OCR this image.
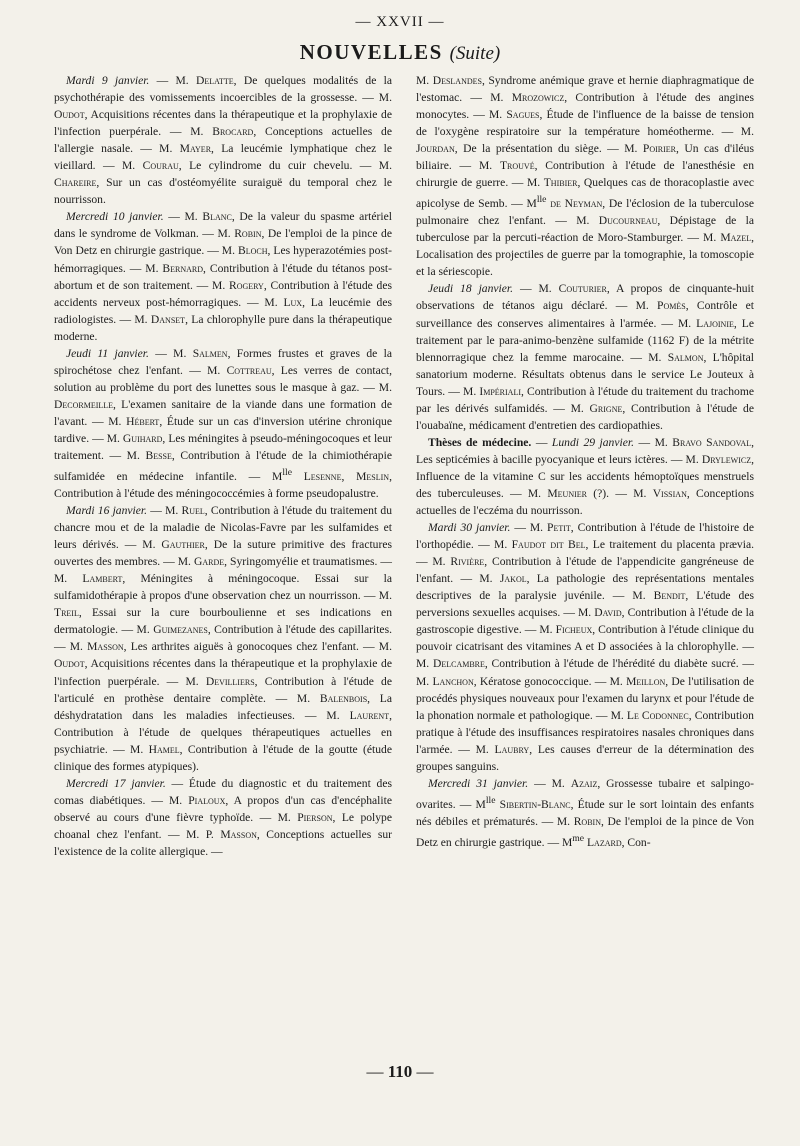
— XXVII —
NOUVELLES (Suite)

Mardi 9 janvier. — M. Delatte, De quelques modalités de la psychothérapie des vomissements incoercibles de la grossesse. — M. Oudot, Acquisitions récentes dans la thérapeutique et la prophylaxie de l'infection puerpérale. — M. Brocard, Conceptions actuelles de l'allergie nasale. — M. Mayer, La leucémie lymphatique chez le vieillard. — M. Courau, Le cylindrome du cuir chevelu. — M. Chareire, Sur un cas d'ostéomyélite suraiguë du temporal chez le nourrisson.

Mercredi 10 janvier. — M. Blanc, De la valeur du spasme artériel dans le syndrome de Volkman. — M. Robin, De l'emploi de la pince de Von Detz en chirurgie gastrique. — M. Bloch, Les hyperazotémies post-hémorragiques. — M. Bernard, Contribution à l'étude du tétanos post-abortum et de son traitement. — M. Rogery, Contribution à l'étude des accidents nerveux post-hémorragiques. — M. Lux, La leucémie des radiologistes. — M. Danset, La chlorophylle pure dans la thérapeutique moderne.

Jeudi 11 janvier. — M. Salmen, Formes frustes et graves de la spirochétose chez l'enfant. — M. Cottreau, Les verres de contact, solution au problème du port des lunettes sous le masque à gaz. — M. Decormeille, L'examen sanitaire de la viande dans une formation de l'avant. — M. Hébert, Étude sur un cas d'inversion utérine chronique tardive. — M. Guihard, Les méningites à pseudo-méningocoques et leur traitement. — M. Besse, Contribution à l'étude de la chimiothérapie sulfamidée en médecine infantile. — $M^{lle}$ Lesenne, Meslin, Contribution à l'étude des méningococcémies à forme pseudopalustre.

Mardi 16 janvier. — M. Ruel, Contribution à l'étude du traitement du chancre mou et de la maladie de Nicolas-Favre par les sulfamides et leurs dérivés. — M. Gauthier, De la suture primitive des fractures ouvertes des membres. — M. Garde, Syringomyélie et traumatismes. — M. Lambert, Méningites à méningocoque. Essai sur la sulfamidothérapie à propos d'une observation chez un nourrisson. — M. Treil, Essai sur la cure bourboulienne et ses indications en dermatologie. — M. Guimezanes, Contribution à l'étude des capillarites. — M. Masson, Les arthrites aiguës à gonocoques chez l'enfant. — M. Oudot, Acquisitions récentes dans la thérapeutique et la prophylaxie de l'infection puerpérale. — M. Devilliers, Contribution à l'étude de l'articulé en prothèse dentaire complète. — M. Balenbois, La déshydratation dans les maladies infectieuses. — M. Laurent, Contribution à l'étude de quelques thérapeutiques actuelles en psychiatrie. — M. Hamel, Contribution à l'étude de la goutte (étude clinique des formes atypiques).

Mercredi 17 janvier. — Étude du diagnostic et du traitement des comas diabétiques. — M. Pialoux, A propos d'un cas d'encéphalite observé au cours d'une fièvre typhoïde. — M. Pierson, Le polype choanal chez l'enfant. — M. P. Masson, Conceptions actuelles sur l'existence de la colite allergique. —

M. Deslandes, Syndrome anémique grave et hernie diaphragmatique de l'estomac. — M. Mrozowicz, Contribution à l'étude des angines monocytes. — M. Sagues, Étude de l'influence de la baisse de tension de l'oxygène respiratoire sur la température homéotherme. — M. Jourdan, De la présentation du siège. — M. Poirier, Un cas d'iléus biliaire. — M. Trouvé, Contribution à l'étude de l'anesthésie en chirurgie de guerre. — M. Thibier, Quelques cas de thoracoplastie avec apicolyse de Semb. — $M^{lle}$ de Neyman, De l'éclosion de la tuberculose pulmonaire chez l'enfant. — M. Ducourneau, Dépistage de la tuberculose par la percuti-réaction de Moro-Stamburger. — M. Mazel, Localisation des projectiles de guerre par la tomographie, la tomoscopie et la sériescopie.

Jeudi 18 janvier. — M. Couturier, A propos de cinquante-huit observations de tétanos aigu déclaré. — M. Pomès, Contrôle et surveillance des conserves alimentaires à l'armée. — M. Lajoinie, Le traitement par le para-animo-benzène sulfamide (1162 F) de la métrite blennorragique chez la femme marocaine. — M. Salmon, L'hôpital sanatorium moderne. Résultats obtenus dans le service Le Jouteux à Tours. — M. Impériali, Contribution à l'étude du traitement du trachome par les dérivés sulfamidés. — M. Grigne, Contribution à l'étude de l'ouabaïne, médicament d'entretien des cardiopathies.

Thèses de médecine. — Lundi 29 janvier. — M. Bravo Sandoval, Les septicémies à bacille pyocyanique et leurs ictères. — M. Drylewicz, Influence de la vitamine C sur les accidents hémoptoïques menstruels des tuberculeuses. — M. Meunier (?). — M. Vissian, Conceptions actuelles de l'eczéma du nourrisson.

Mardi 30 janvier. — M. Petit, Contribution à l'étude de l'histoire de l'orthopédie. — M. Faudot dit Bel, Le traitement du placenta prævia. — M. Rivière, Contribution à l'étude de l'appendicite gangréneuse de l'enfant. — M. Jakol, La pathologie des représentations mentales descriptives de la paralysie juvénile. — M. Bendit, L'étude des perversions sexuelles acquises. — M. David, Contribution à l'étude de la gastroscopie digestive. — M. Ficheux, Contribution à l'étude clinique du pouvoir cicatrisant des vitamines A et D associées à la chlorophylle. — M. Delcambre, Contribution à l'étude de l'hérédité du diabète sucré. — M. Lanchon, Kératose gonococcique. — M. Meillon, De l'utilisation de procédés physiques nouveaux pour l'examen du larynx et pour l'étude de la phonation normale et pathologique. — M. Le Codonnec, Contribution pratique à l'étude des insuffisances respiratoires nasales chroniques dans l'armée. — M. Laubry, Les causes d'erreur de la détermination des groupes sanguins.

Mercredi 31 janvier. — M. Azaiz, Grossesse tubaire et salpingo-ovarites. — $M^{lle}$ Sibertin-Blanc, Étude sur le sort lointain des enfants nés débiles et prématurés. — M. Robin, De l'emploi de la pince de Von Detz en chirurgie gastrique. — $M^{me}$ Lazard, Con-

— 110 —
